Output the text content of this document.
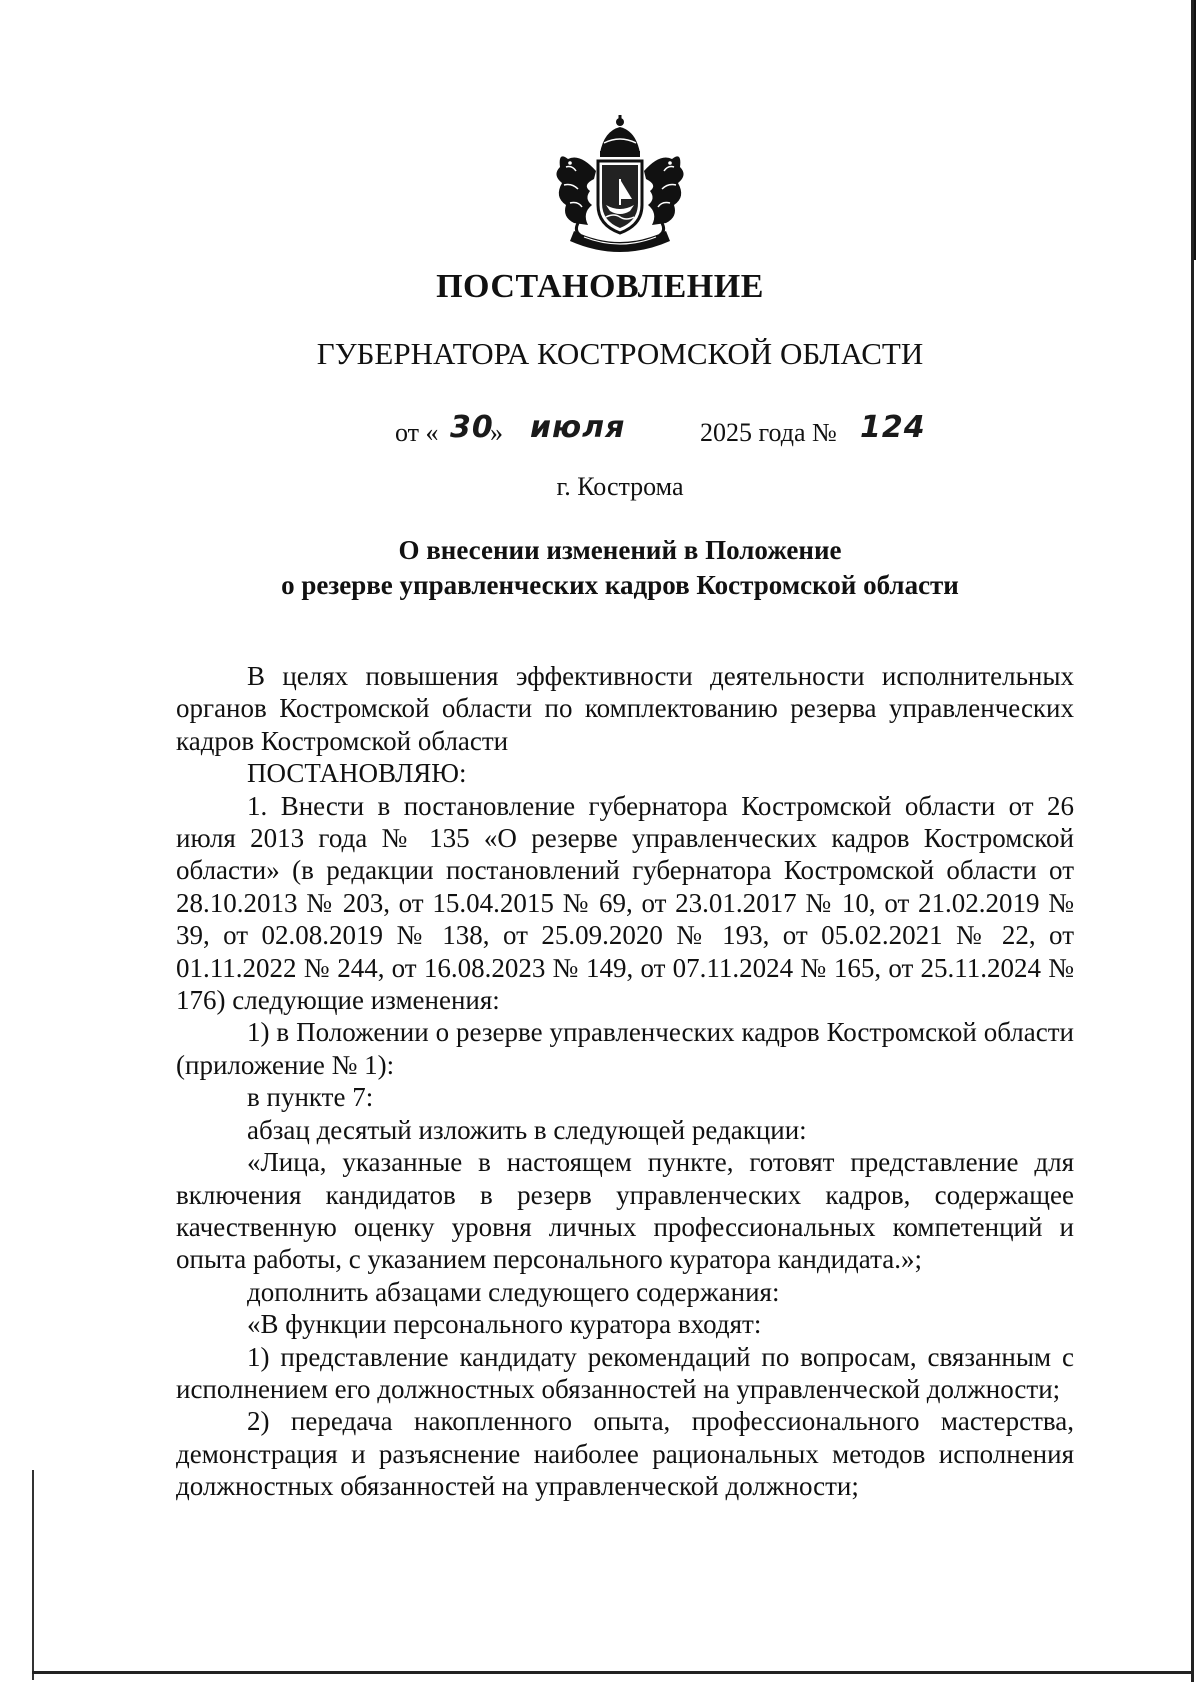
ПОСТАНОВЛЕНИЕ
ГУБЕРНАТОРА КОСТРОМСКОЙ ОБЛАСТИ
от « 30
» июля	2025 года № 124
г. Кострома
О внесении изменений в Положение
о резерве управленческих кадров Костромской области

В целях повышения эффективности деятельности исполнительных органов Костромской области по комплектованию резерва управленческих кадров Костромской области

ПОСТАНОВЛЯЮ:

1. Внести в постановление губернатора Костромской области от 26 июля 2013 года № 135 «О резерве управленческих кадров Костромской области» (в редакции постановлений губернатора Костромской области от 28.10.2013 № 203, от 15.04.2015 № 69, от 23.01.2017 № 10, от 21.02.2019 № 39, от 02.08.2019 № 138, от 25.09.2020 № 193, от 05.02.2021 № 22, от 01.11.2022 № 244, от 16.08.2023 № 149, от 07.11.2024 № 165, от 25.11.2024 № 176) следующие изменения:

1) в Положении о резерве управленческих кадров Костромской области (приложение № 1):

в пункте 7:

абзац десятый изложить в следующей редакции:

«Лица, указанные в настоящем пункте, готовят представление для включения кандидатов в резерв управленческих кадров, содержащее качественную оценку уровня личных профессиональных компетенций и опыта работы, с указанием персонального куратора кандидата.»;

дополнить абзацами следующего содержания:

«В функции персонального куратора входят:

1) представление кандидату рекомендаций по вопросам, связанным с исполнением его должностных обязанностей на управленческой должности;

2) передача накопленного опыта, профессионального мастерства, демонстрация и разъяснение наиболее рациональных методов исполнения должностных обязанностей на управленческой должности;
